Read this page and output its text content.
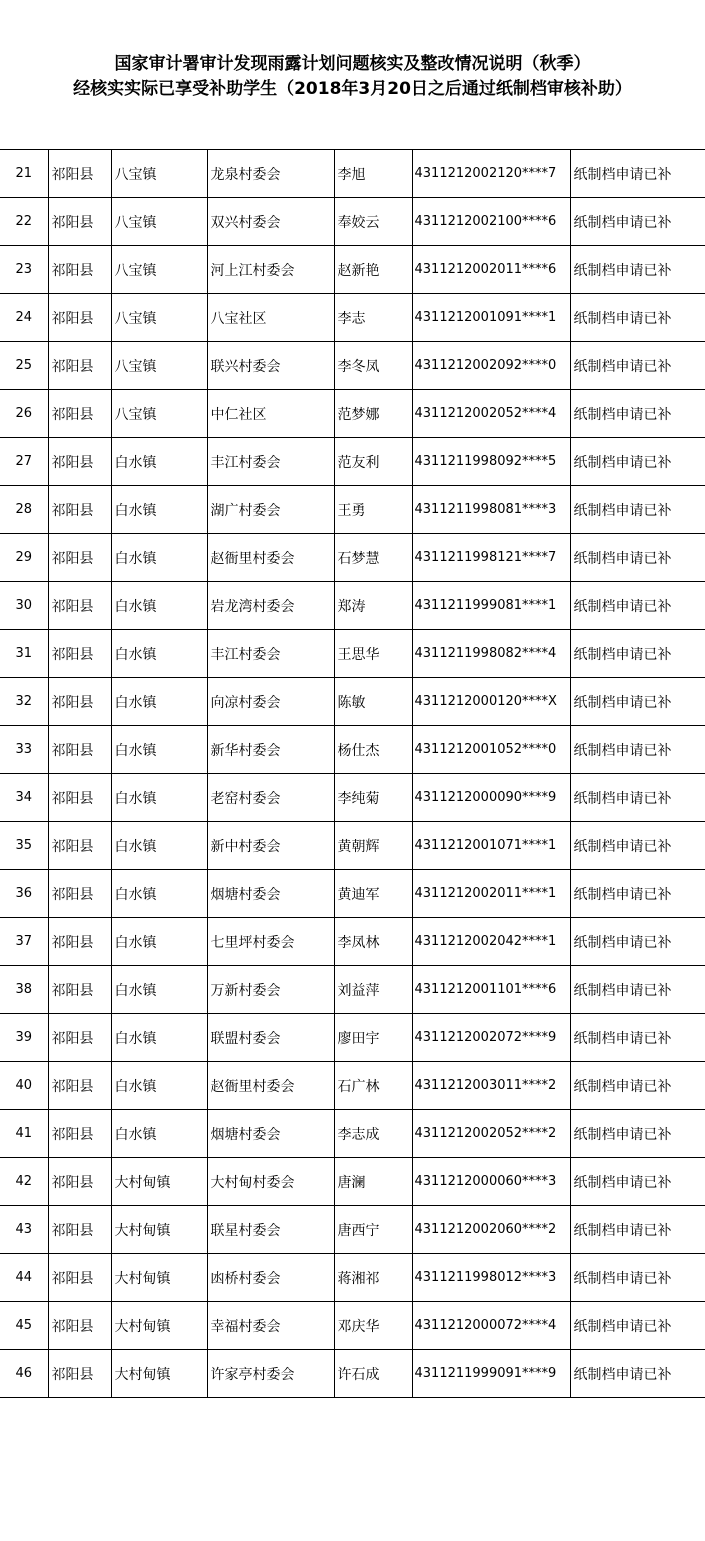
国家审计署审计发现雨露计划问题核实及整改情况说明（秋季）
经核实实际已享受补助学生（2018年3月20日之后通过纸制档审核补助）
21	祁阳县	八宝镇	龙泉村委会	李旭	4311212002120****7	纸制档申请已补
22	祁阳县	八宝镇	双兴村委会	奉姣云	4311212002100****6	纸制档申请已补
23	祁阳县	八宝镇	河上江村委会	赵新艳	4311212002011****6	纸制档申请已补
24	祁阳县	八宝镇	八宝社区	李志	4311212001091****1	纸制档申请已补
25	祁阳县	八宝镇	联兴村委会	李冬凤	4311212002092****0	纸制档申请已补
26	祁阳县	八宝镇	中仁社区	范梦娜	4311212002052****4	纸制档申请已补
27	祁阳县	白水镇	丰江村委会	范友利	4311211998092****5	纸制档申请已补
28	祁阳县	白水镇	湖广村委会	王勇	4311211998081****3	纸制档申请已补
29	祁阳县	白水镇	赵衙里村委会	石梦慧	4311211998121****7	纸制档申请已补
30	祁阳县	白水镇	岩龙湾村委会	郑涛	4311211999081****1	纸制档申请已补
31	祁阳县	白水镇	丰江村委会	王思华	4311211998082****4	纸制档申请已补
32	祁阳县	白水镇	向凉村委会	陈敏	4311212000120****X	纸制档申请已补
33	祁阳县	白水镇	新华村委会	杨仕杰	4311212001052****0	纸制档申请已补
34	祁阳县	白水镇	老窑村委会	李纯菊	4311212000090****9	纸制档申请已补
35	祁阳县	白水镇	新中村委会	黄朝辉	4311212001071****1	纸制档申请已补
36	祁阳县	白水镇	烟塘村委会	黄迪军	4311212002011****1	纸制档申请已补
37	祁阳县	白水镇	七里坪村委会	李凤林	4311212002042****1	纸制档申请已补
38	祁阳县	白水镇	万新村委会	刘益萍	4311212001101****6	纸制档申请已补
39	祁阳县	白水镇	联盟村委会	廖田宇	4311212002072****9	纸制档申请已补
40	祁阳县	白水镇	赵衙里村委会	石广林	4311212003011****2	纸制档申请已补
41	祁阳县	白水镇	烟塘村委会	李志成	4311212002052****2	纸制档申请已补
42	祁阳县	大村甸镇	大村甸村委会	唐澜	4311212000060****3	纸制档申请已补
43	祁阳县	大村甸镇	联星村委会	唐西宁	4311212002060****2	纸制档申请已补
44	祁阳县	大村甸镇	凼桥村委会	蒋湘祁	4311211998012****3	纸制档申请已补
45	祁阳县	大村甸镇	幸福村委会	邓庆华	4311212000072****4	纸制档申请已补
46	祁阳县	大村甸镇	许家亭村委会	许石成	4311211999091****9	纸制档申请已补
